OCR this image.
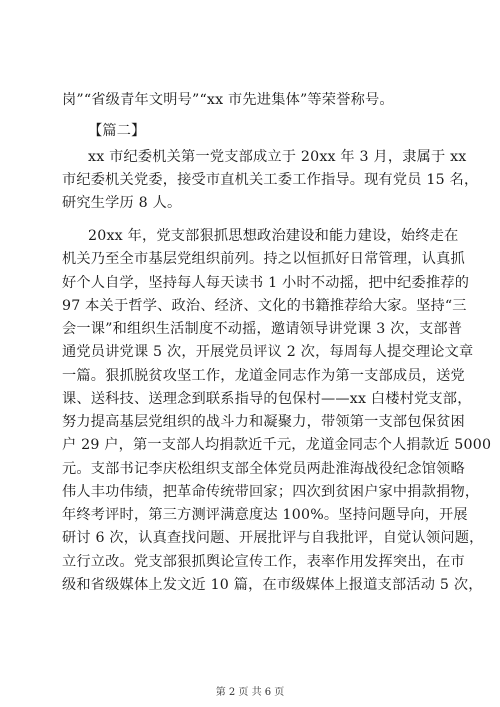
岗”“省级青年文明号”“xx 市先进集体”等荣誉称号。
【篇二】
xx 市纪委机关第一党支部成立于 20xx 年 3 月，隶属于 xx
市纪委机关党委，接受市直机关工委工作指导。现有党员 15 名，
研究生学历 8 人。
20xx 年，党支部狠抓思想政治建设和能力建设，始终走在
机关乃至全市基层党组织前列。持之以恒抓好日常管理，认真抓
好个人自学，坚持每人每天读书 1 小时不动摇，把中纪委推荐的
97 本关于哲学、政治、经济、文化的书籍推荐给大家。坚持“三
会一课”和组织生活制度不动摇，邀请领导讲党课 3 次，支部普
通党员讲党课 5 次，开展党员评议 2 次，每周每人提交理论文章
一篇。狠抓脱贫攻坚工作，龙道金同志作为第一支部成员，送党
课、送科技、送理念到联系指导的包保村——xx 白楼村党支部，
努力提高基层党组织的战斗力和凝聚力，带领第一支部包保贫困
户 29 户，第一支部人均捐款近千元，龙道金同志个人捐款近 5000
元。支部书记李庆松组织支部全体党员两赴淮海战役纪念馆领略
伟人丰功伟绩，把革命传统带回家；四次到贫困户家中捐款捐物，
年终考评时，第三方测评满意度达 100%。坚持问题导向，开展
研讨 6 次，认真查找问题、开展批评与自我批评，自觉认领问题，
立行立改。党支部狠抓舆论宣传工作，表率作用发挥突出，在市
级和省级媒体上发文近 10 篇，在市级媒体上报道支部活动 5 次，
第 2 页 共 6 页
